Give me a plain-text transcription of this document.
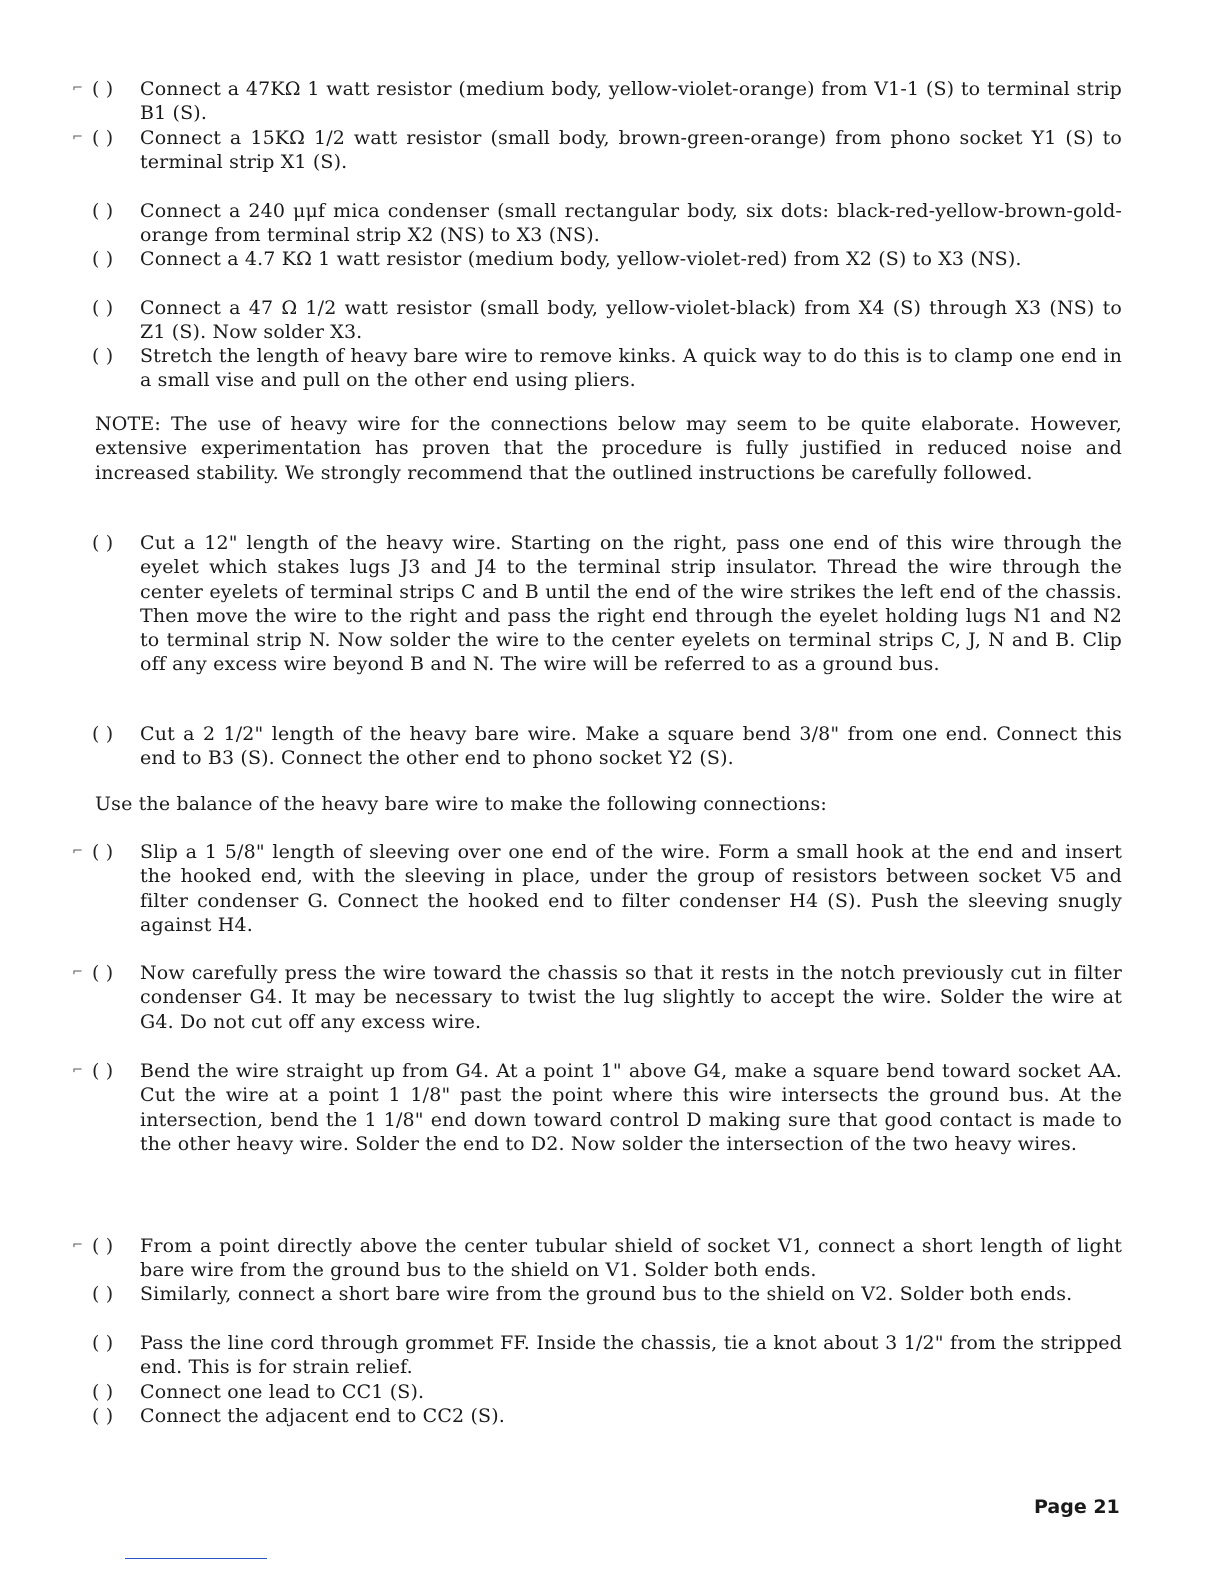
⌐ ( )	Connect a 47KΩ 1 watt resistor (medium body, yellow-violet-orange) from V1-1 (S) to terminal strip B1 (S).
⌐ ( )	Connect a 15KΩ 1/2 watt resistor (small body, brown-green-orange) from phono socket Y1 (S) to terminal strip X1 (S).
( )	Connect a 240 μμf mica condenser (small rectangular body, six dots: black-red-yellow-brown-gold-orange from terminal strip X2 (NS) to X3 (NS).
( )	Connect a 4.7 KΩ 1 watt resistor (medium body, yellow-violet-red) from X2 (S) to X3 (NS).
( )	Connect a 47 Ω 1/2 watt resistor (small body, yellow-violet-black) from X4 (S) through X3 (NS) to Z1 (S). Now solder X3.
( )	Stretch the length of heavy bare wire to remove kinks. A quick way to do this is to clamp one end in a small vise and pull on the other end using pliers.

NOTE: The use of heavy wire for the connections below may seem to be quite elaborate. However, extensive experimentation has proven that the procedure is fully justified in reduced noise and increased stability. We strongly recommend that the outlined instructions be carefully followed.

( )	Cut a 12" length of the heavy wire. Starting on the right, pass one end of this wire through the eyelet which stakes lugs J3 and J4 to the terminal strip insulator. Thread the wire through the center eyelets of terminal strips C and B until the end of the wire strikes the left end of the chassis. Then move the wire to the right and pass the right end through the eyelet holding lugs N1 and N2 to terminal strip N. Now solder the wire to the center eyelets on terminal strips C, J, N and B. Clip off any excess wire beyond B and N. The wire will be referred to as a ground bus.
( )	Cut a 2 1/2" length of the heavy bare wire. Make a square bend 3/8" from one end. Connect this end to B3 (S). Connect the other end to phono socket Y2 (S).

Use the balance of the heavy bare wire to make the following connections:

⌐ ( )	Slip a 1 5/8" length of sleeving over one end of the wire. Form a small hook at the end and insert the hooked end, with the sleeving in place, under the group of resistors between socket V5 and filter condenser G. Connect the hooked end to filter condenser H4 (S). Push the sleeving snugly against H4.
⌐ ( )	Now carefully press the wire toward the chassis so that it rests in the notch previously cut in filter condenser G4. It may be necessary to twist the lug slightly to accept the wire. Solder the wire at G4. Do not cut off any excess wire.
⌐ ( )	Bend the wire straight up from G4. At a point 1" above G4, make a square bend toward socket AA. Cut the wire at a point 1 1/8" past the point where this wire intersects the ground bus. At the intersection, bend the 1 1/8" end down toward control D making sure that good contact is made to the other heavy wire. Solder the end to D2. Now solder the intersection of the two heavy wires.
⌐ ( )	From a point directly above the center tubular shield of socket V1, connect a short length of light bare wire from the ground bus to the shield on V1. Solder both ends.
( )	Similarly, connect a short bare wire from the ground bus to the shield on V2. Solder both ends.
( )	Pass the line cord through grommet FF. Inside the chassis, tie a knot about 3 1/2" from the stripped end. This is for strain relief.
( )	Connect one lead to CC1 (S).
( )	Connect the adjacent end to CC2 (S).
Page 21
